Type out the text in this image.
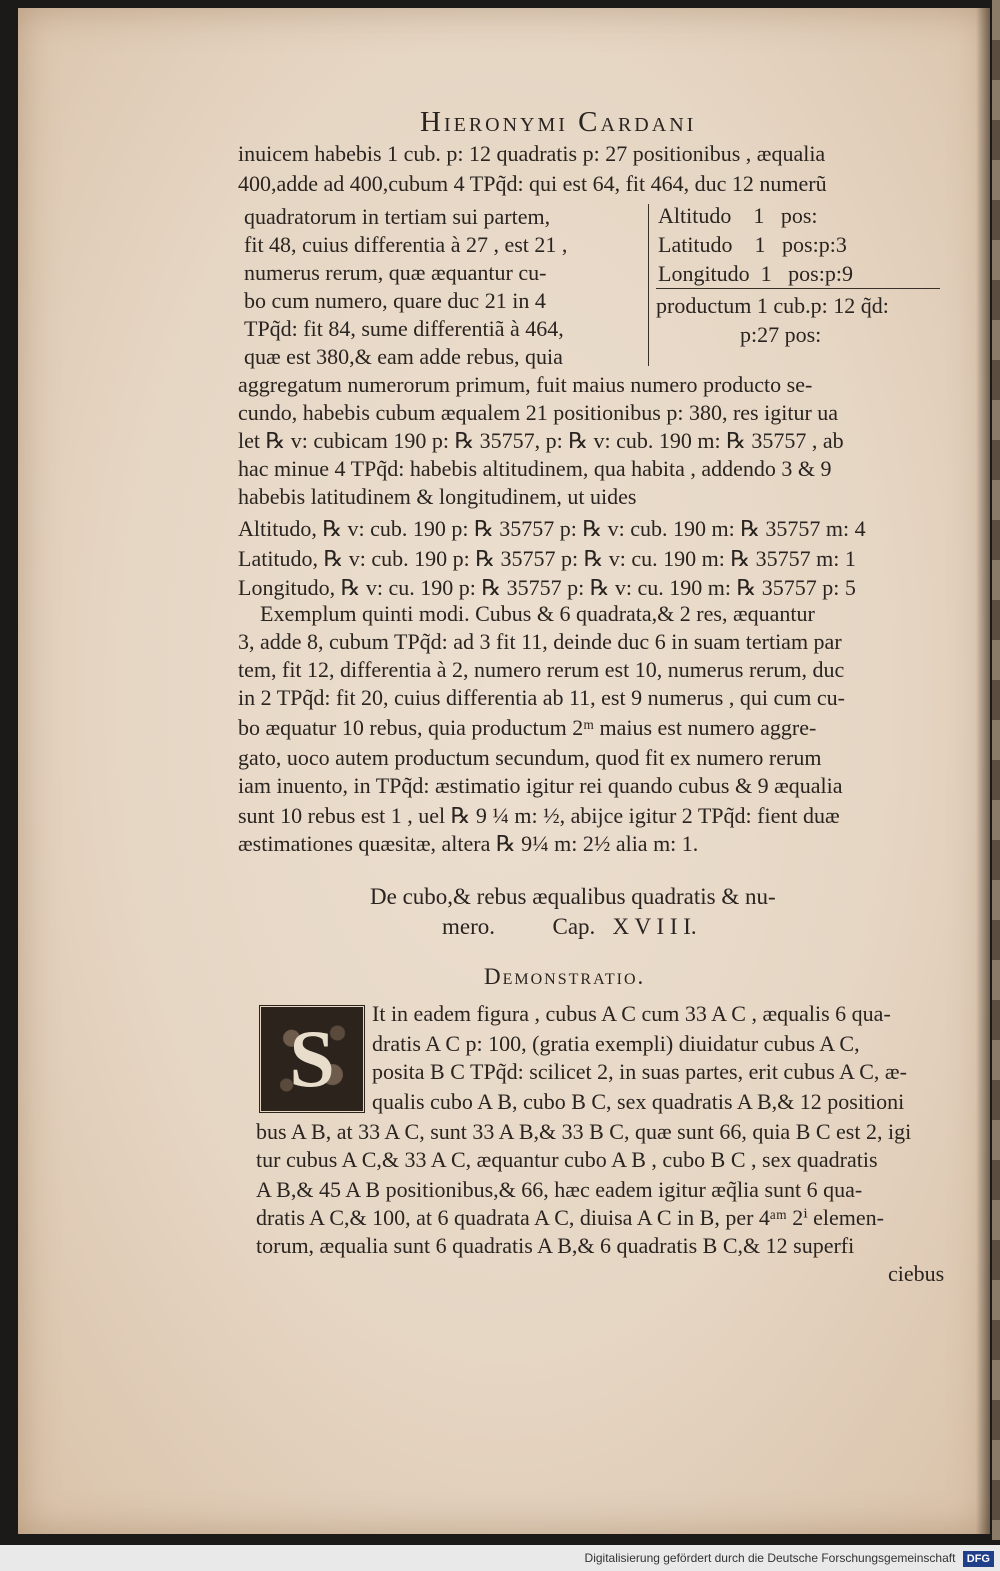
Hieronymi Cardani
inuicem habebis 1 cub. p: 12 quadratis p: 27 positionibus , æqualia
400,adde ad 400,cubum 4 TPq̃d: qui est 64, fit 464, duc 12 numerũ
quadratorum in tertiam sui partem,
fit 48, cuius differentia à 27 , est 21 ,
numerus rerum, quæ æquantur cu-
bo cum numero, quare duc 21 in 4
TPq̃d: fit 84, sume differentiã à 464,
quæ est 380,& eam adde rebus, quia
Altitudo    1   pos:
Latitudo    1   pos:p:3
Longitudo  1   pos:p:9
productum 1 cub.p: 12 q̃d:
p:27 pos:
aggregatum numerorum primum, fuit maius numero producto se-
cundo, habebis cubum æqualem 21 positionibus p: 380, res igitur ua
let ℞ v: cubicam 190 p: ℞ 35757, p: ℞ v: cub. 190 m: ℞ 35757 , ab
hac minue 4 TPq̃d: habebis altitudinem, qua habita , addendo 3 & 9
habebis latitudinem & longitudinem, ut uides
Altitudo, ℞ v: cub. 190 p: ℞ 35757 p: ℞ v: cub. 190 m: ℞ 35757 m: 4
Latitudo, ℞ v: cub. 190 p: ℞ 35757 p: ℞ v: cu. 190 m: ℞ 35757 m: 1
Longitudo, ℞ v: cu. 190 p: ℞ 35757 p: ℞ v: cu. 190 m: ℞ 35757 p: 5
Exemplum quinti modi. Cubus & 6 quadrata,& 2 res, æquantur
3, adde 8, cubum TPq̃d: ad 3 fit 11, deinde duc 6 in suam tertiam par
tem, fit 12, differentia à 2, numero rerum est 10, numerus rerum, duc
in 2 TPq̃d: fit 20, cuius differentia ab 11, est 9 numerus , qui cum cu-
bo æquatur 10 rebus, quia productum 2ᵐ maius est numero aggre-
gato, uoco autem productum secundum, quod fit ex numero rerum
iam inuento, in TPq̃d: æstimatio igitur rei quando cubus & 9 æqualia
sunt 10 rebus est 1 , uel ℞ 9 ¼ m: ½, abijce igitur 2 TPq̃d: fient duæ
æstimationes quæsitæ, altera ℞ 9¼ m: 2½ alia m: 1.
De cubo,& rebus æqualibus quadratis & nu-
mero.          Cap.   X V I I I.
Demonstratio.
S It in eadem figura , cubus A C cum 33 A C , æqualis 6 qua-
dratis A C p: 100, (gratia exempli) diuidatur cubus A C,
posita B C TPq̃d: scilicet 2, in suas partes, erit cubus A C, æ-
qualis cubo A B, cubo B C, sex quadratis A B,& 12 positioni
bus A B, at 33 A C, sunt 33 A B,& 33 B C, quæ sunt 66, quia B C est 2, igi
tur cubus A C,& 33 A C, æquantur cubo A B , cubo B C , sex quadratis
A B,& 45 A B positionibus,& 66, hæc eadem igitur æq̃lia sunt 6 qua-
dratis A C,& 100, at 6 quadrata A C, diuisa A C in B, per 4ᵃᵐ 2ⁱ elemen-
torum, æqualia sunt 6 quadratis A B,& 6 quadratis B C,& 12 superfi
ciebus
Digitalisierung gefördert durch die Deutsche Forschungsgemeinschaft DFG
